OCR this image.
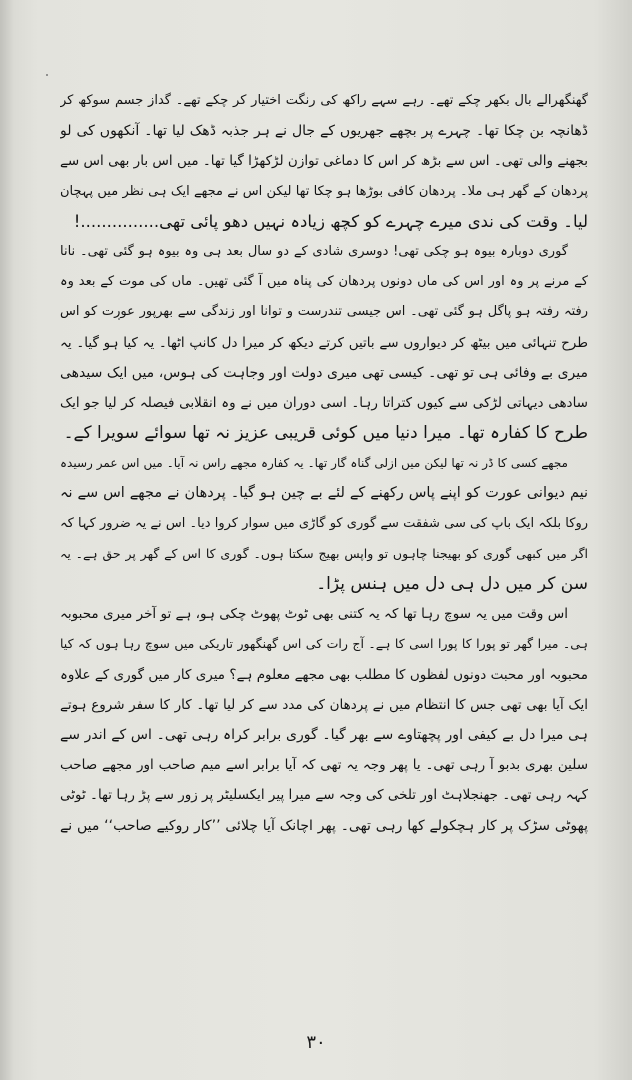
گھنگھرالے بال بکھر چکے تھے۔ رہے سہے راکھ کی رنگت اختیار کر چکے تھے۔ گداز جسم سوکھ کر
ڈھانچہ بن چکا تھا۔ چہرے پر بچھے جھریوں کے جال نے ہر جذبہ ڈھک لیا تھا۔ آنکھوں کی لو
بجھنے والی تھی۔ اس سے بڑھ کر اس کا دماغی توازن لڑکھڑا گیا تھا۔ میں اس بار بھی اس سے
پردھان کے گھر ہی ملا۔ پردھان کافی بوڑھا ہو چکا تھا لیکن اس نے مجھے ایک ہی نظر میں پہچان
لیا۔ وقت کی ندی میرے چہرے کو کچھ زیادہ نہیں دھو پائی تھی...............!
گوری دوبارہ بیوہ ہو چکی تھی! دوسری شادی کے دو سال بعد ہی وہ بیوہ ہو گئی تھی۔ نانا
کے مرنے پر وہ اور اس کی ماں دونوں پردھان کی پناہ میں آ گئی تھیں۔ ماں کی موت کے بعد وہ
رفتہ رفتہ ہو پاگل ہو گئی تھی۔ اس جیسی تندرست و توانا اور زندگی سے بھرپور عورت کو اس
طرح تنہائی میں بیٹھ کر دیواروں سے باتیں کرتے دیکھ کر میرا دل کانپ اٹھا۔ یہ کیا ہو گیا۔ یہ
میری بے وفائی ہی تو تھی۔ کیسی تھی میری دولت اور وجاہت کی ہوس، میں ایک سیدھی
سادھی دیہاتی لڑکی سے کیوں کتراتا رہا۔ اسی دوران میں نے وہ انقلابی فیصلہ کر لیا جو ایک
طرح کا کفارہ تھا۔ میرا دنیا میں کوئی قریبی عزیز نہ تھا سوائے سویرا کے۔
مجھے کسی کا ڈر نہ تھا لیکن میں ازلی گناہ گار تھا۔ یہ کفارہ مجھے راس نہ آیا۔ میں اس عمر رسیدہ
نیم دیوانی عورت کو اپنے پاس رکھنے کے لئے بے چین ہو گیا۔ پردھان نے مجھے اس سے نہ
روکا بلکہ ایک باپ کی سی شفقت سے گوری کو گاڑی میں سوار کروا دیا۔ اس نے یہ ضرور کہا کہ
اگر میں کبھی گوری کو بھیجنا چاہوں تو واپس بھیج سکتا ہوں۔ گوری کا اس کے گھر پر حق ہے۔ یہ
سن کر میں دل ہی دل میں ہنس پڑا۔
اس وقت میں یہ سوچ رہا تھا کہ یہ کتنی بھی ٹوٹ پھوٹ چکی ہو، ہے تو آخر میری محبوبہ
ہی۔ میرا گھر تو پورا کا پورا اسی کا ہے۔ آج رات کی اس گھنگھور تاریکی میں سوچ رہا ہوں کہ کیا
محبوبہ اور محبت دونوں لفظوں کا مطلب بھی مجھے معلوم ہے؟ میری کار میں گوری کے علاوہ
ایک آیا بھی تھی جس کا انتظام میں نے پردھان کی مدد سے کر لیا تھا۔ کار کا سفر شروع ہوتے
ہی میرا دل بے کیفی اور پچھتاوے سے بھر گیا۔ گوری برابر کراہ رہی تھی۔ اس کے اندر سے
سلین بھری بدبو آ رہی تھی۔ یا پھر وجہ یہ تھی کہ آیا برابر اسے میم صاحب اور مجھے صاحب
کہہ رہی تھی۔ جھنجلاہٹ اور تلخی کی وجہ سے میرا پیر ایکسلیٹر پر زور سے پڑ رہا تھا۔ ٹوٹی
پھوٹی سڑک پر کار ہچکولے کھا رہی تھی۔ پھر اچانک آیا چلائی ’’کار روکیے صاحب‘‘ میں نے
۳۰
